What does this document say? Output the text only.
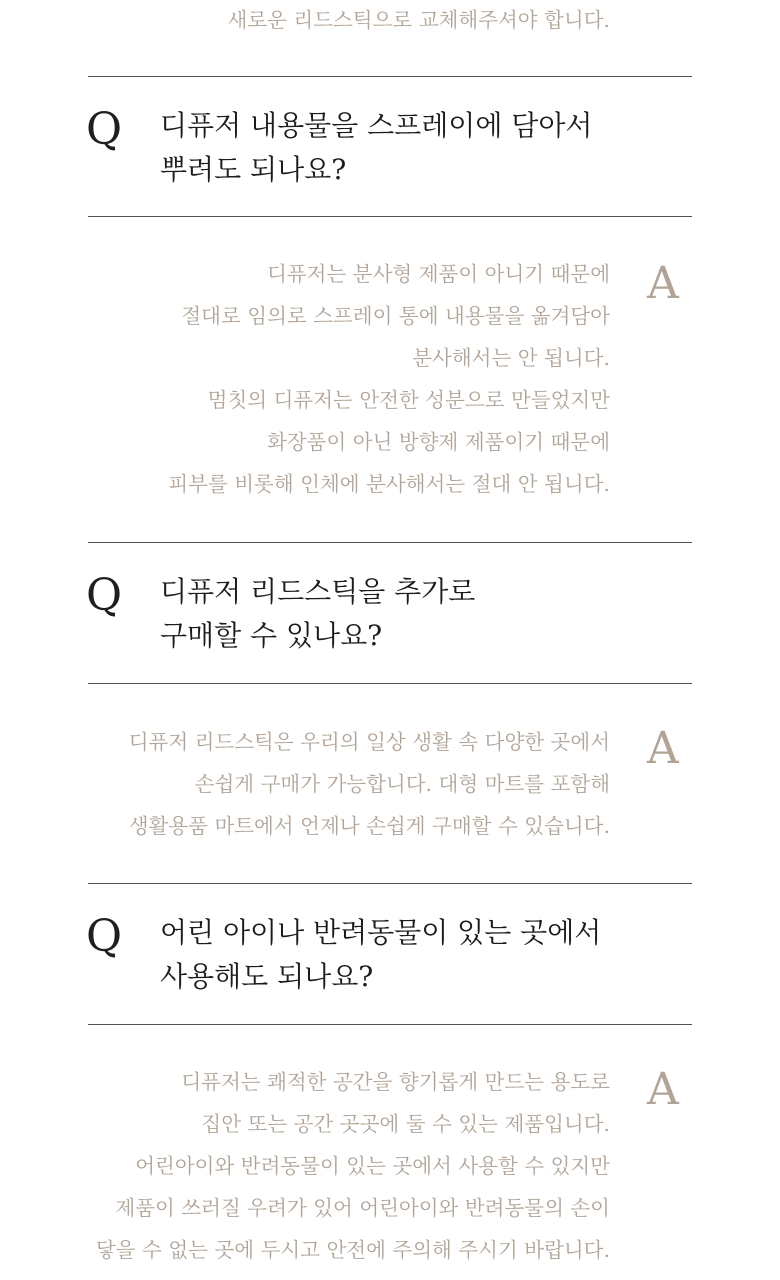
새로운 리드스틱으로 교체해주셔야 합니다.
Q 디퓨저 내용물을 스프레이에 담아서
뿌려도 되나요?
A
디퓨저는 분사형 제품이 아니기 때문에
절대로 임의로 스프레이 통에 내용물을 옮겨담아
분사해서는 안 됩니다.
멈칫의 디퓨저는 안전한 성분으로 만들었지만
화장품이 아닌 방향제 제품이기 때문에
피부를 비롯해 인체에 분사해서는 절대 안 됩니다.
Q 디퓨저 리드스틱을 추가로
구매할 수 있나요?
A
디퓨저 리드스틱은 우리의 일상 생활 속 다양한 곳에서
손쉽게 구매가 가능합니다. 대형 마트를 포함해
생활용품 마트에서 언제나 손쉽게 구매할 수 있습니다.
Q 어린 아이나 반려동물이 있는 곳에서
사용해도 되나요?
A
디퓨저는 쾌적한 공간을 향기롭게 만드는 용도로
집안 또는 공간 곳곳에 둘 수 있는 제품입니다.
어린아이와 반려동물이 있는 곳에서 사용할 수 있지만
제품이 쓰러질 우려가 있어 어린아이와 반려동물의 손이
닿을 수 없는 곳에 두시고 안전에 주의해 주시기 바랍니다.
